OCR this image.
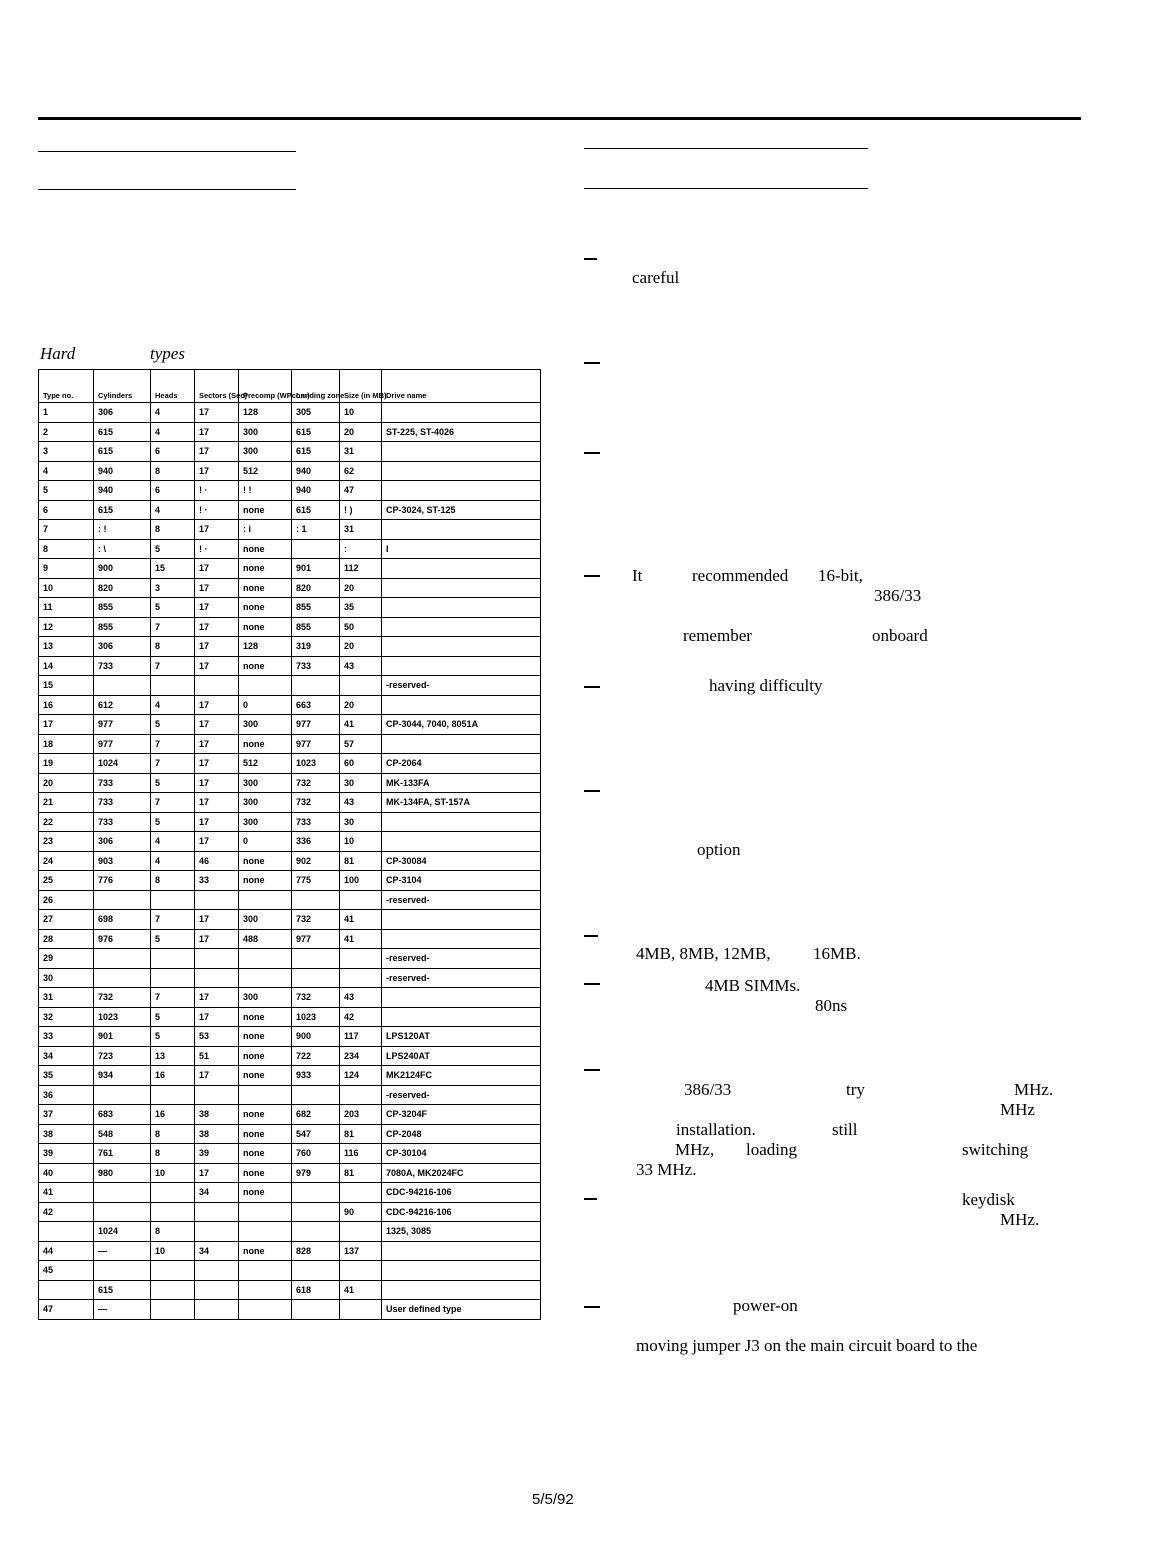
Hard	types
Type no.	Cylinders	Heads	Sectors (Sec)	Precomp (WPcom)	Landing zone	Size (in MB)	Drive name
1	306	4	17	128	305	10	
2	615	4	17	300	615	20	ST-225, ST-4026
3	615	6	17	300	615	31	
4	940	8	17	512	940	62	
5	940	6	! ·	! !	940	47	
6	615	4	! ·	none	615	! )	CP-3024, ST-125
7	: !	8	17	: i	: 1	31	
8	: \	5	! ·	none		:	I
9	900	15	17	none	901	112	
10	820	3	17	none	820	20	
11	855	5	17	none	855	35	
12	855	7	17	none	855	50	
13	306	8	17	128	319	20	
14	733	7	17	none	733	43	
15							-reserved-
16	612	4	17	0	663	20	
17	977	5	17	300	977	41	CP-3044, 7040, 8051A
18	977	7	17	none	977	57	
19	1024	7	17	512	1023	60	CP-2064
20	733	5	17	300	732	30	MK-133FA
21	733	7	17	300	732	43	MK-134FA, ST-157A
22	733	5	17	300	733	30	
23	306	4	17	0	336	10	
24	903	4	46	none	902	81	CP-30084
25	776	8	33	none	775	100	CP-3104
26							-reserved-
27	698	7	17	300	732	41	
28	976	5	17	488	977	41	
29							-reserved-
30							-reserved-
31	732	7	17	300	732	43	
32	1023	5	17	none	1023	42	
33	901	5	53	none	900	117	LPS120AT
34	723	13	51	none	722	234	LPS240AT
35	934	16	17	none	933	124	MK2124FC
36							-reserved-
37	683	16	38	none	682	203	CP-3204F
38	548	8	38	none	547	81	CP-2048
39	761	8	39	none	760	116	CP-30104
40	980	10	17	none	979	81	7080A, MK2024FC
41			34	none			CDC-94216-106
42						90	CDC-94216-106
	1024	8					1325, 3085
44	—	10	34	none	828	137	
45							
	615				618	41	
47	—						User defined type
careful
It	recommended 16-bit,
386/33
remember	onboard
having difficulty
option
4MB, 8MB, 12MB, 16MB.
4MB SIMMs.
80ns
386/33	try	MHz.
MHz
installation.	still
MHz, loading	switching
33 MHz.
keydisk
MHz.
power-on
moving jumper J3 on the main circuit board to the
5/5/92
